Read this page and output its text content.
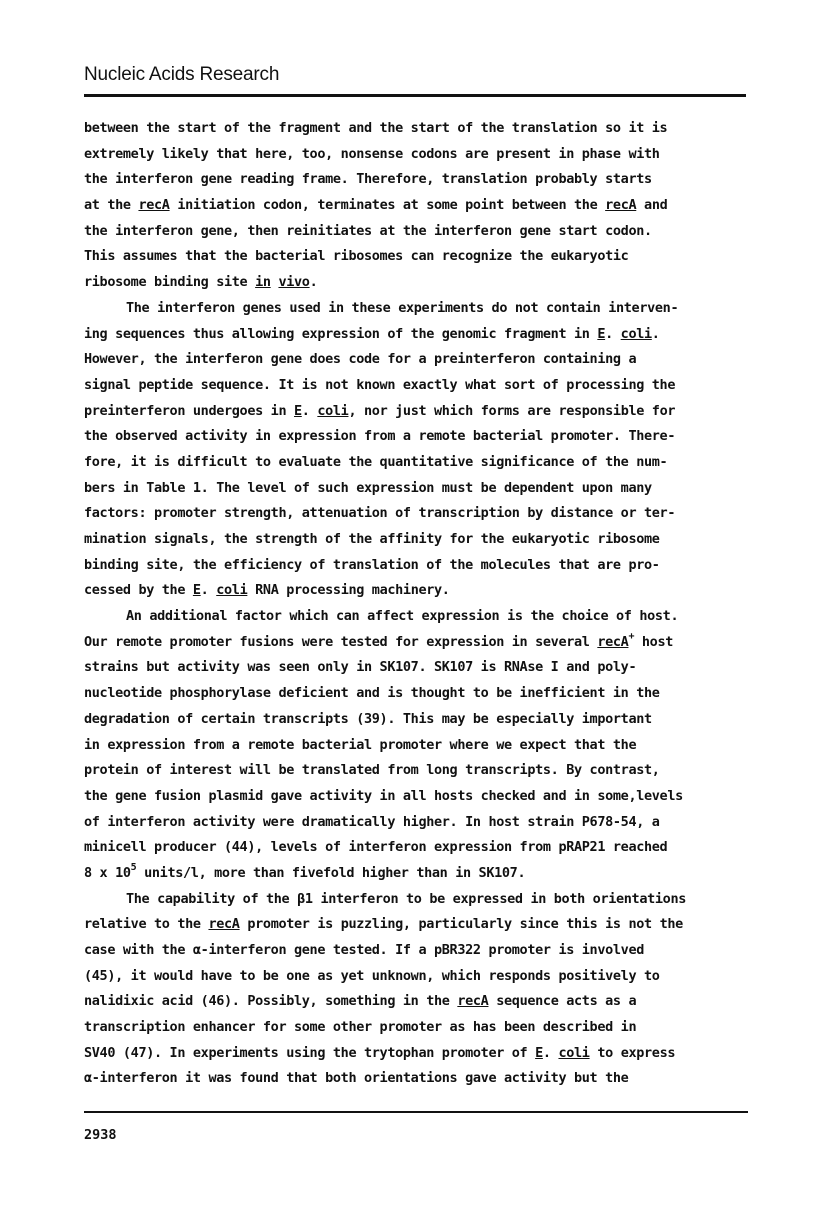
Nucleic Acids Research
between the start of the fragment and the start of the translation so it is
extremely likely that here, too, nonsense codons are present in phase with
the interferon gene reading frame. Therefore, translation probably starts
at the recA initiation codon, terminates at some point between the recA and
the interferon gene, then reinitiates at the interferon gene start codon.
This assumes that the bacterial ribosomes can recognize the eukaryotic
ribosome binding site in vivo.
The interferon genes used in these experiments do not contain interven-
ing sequences thus allowing expression of the genomic fragment in E. coli.
However, the interferon gene does code for a preinterferon containing a
signal peptide sequence. It is not known exactly what sort of processing the
preinterferon undergoes in E. coli, nor just which forms are responsible for
the observed activity in expression from a remote bacterial promoter. There-
fore, it is difficult to evaluate the quantitative significance of the num-
bers in Table 1. The level of such expression must be dependent upon many
factors: promoter strength, attenuation of transcription by distance or ter-
mination signals, the strength of the affinity for the eukaryotic ribosome
binding site, the efficiency of translation of the molecules that are pro-
cessed by the E. coli RNA processing machinery.
An additional factor which can affect expression is the choice of host.
Our remote promoter fusions were tested for expression in several recA+ host
strains but activity was seen only in SK107. SK107 is RNAse I and poly-
nucleotide phosphorylase deficient and is thought to be inefficient in the
degradation of certain transcripts (39). This may be especially important
in expression from a remote bacterial promoter where we expect that the
protein of interest will be translated from long transcripts. By contrast,
the gene fusion plasmid gave activity in all hosts checked and in some,levels
of interferon activity were dramatically higher. In host strain P678-54, a
minicell producer (44), levels of interferon expression from pRAP21 reached
8 x $10^5$ units/l, more than fivefold higher than in SK107.
The capability of the β1 interferon to be expressed in both orientations
relative to the recA promoter is puzzling, particularly since this is not the
case with the α-interferon gene tested. If a pBR322 promoter is involved
(45), it would have to be one as yet unknown, which responds positively to
nalidixic acid (46). Possibly, something in the recA sequence acts as a
transcription enhancer for some other promoter as has been described in
SV40 (47). In experiments using the trytophan promoter of E. coli to express
α-interferon it was found that both orientations gave activity but the
2938
